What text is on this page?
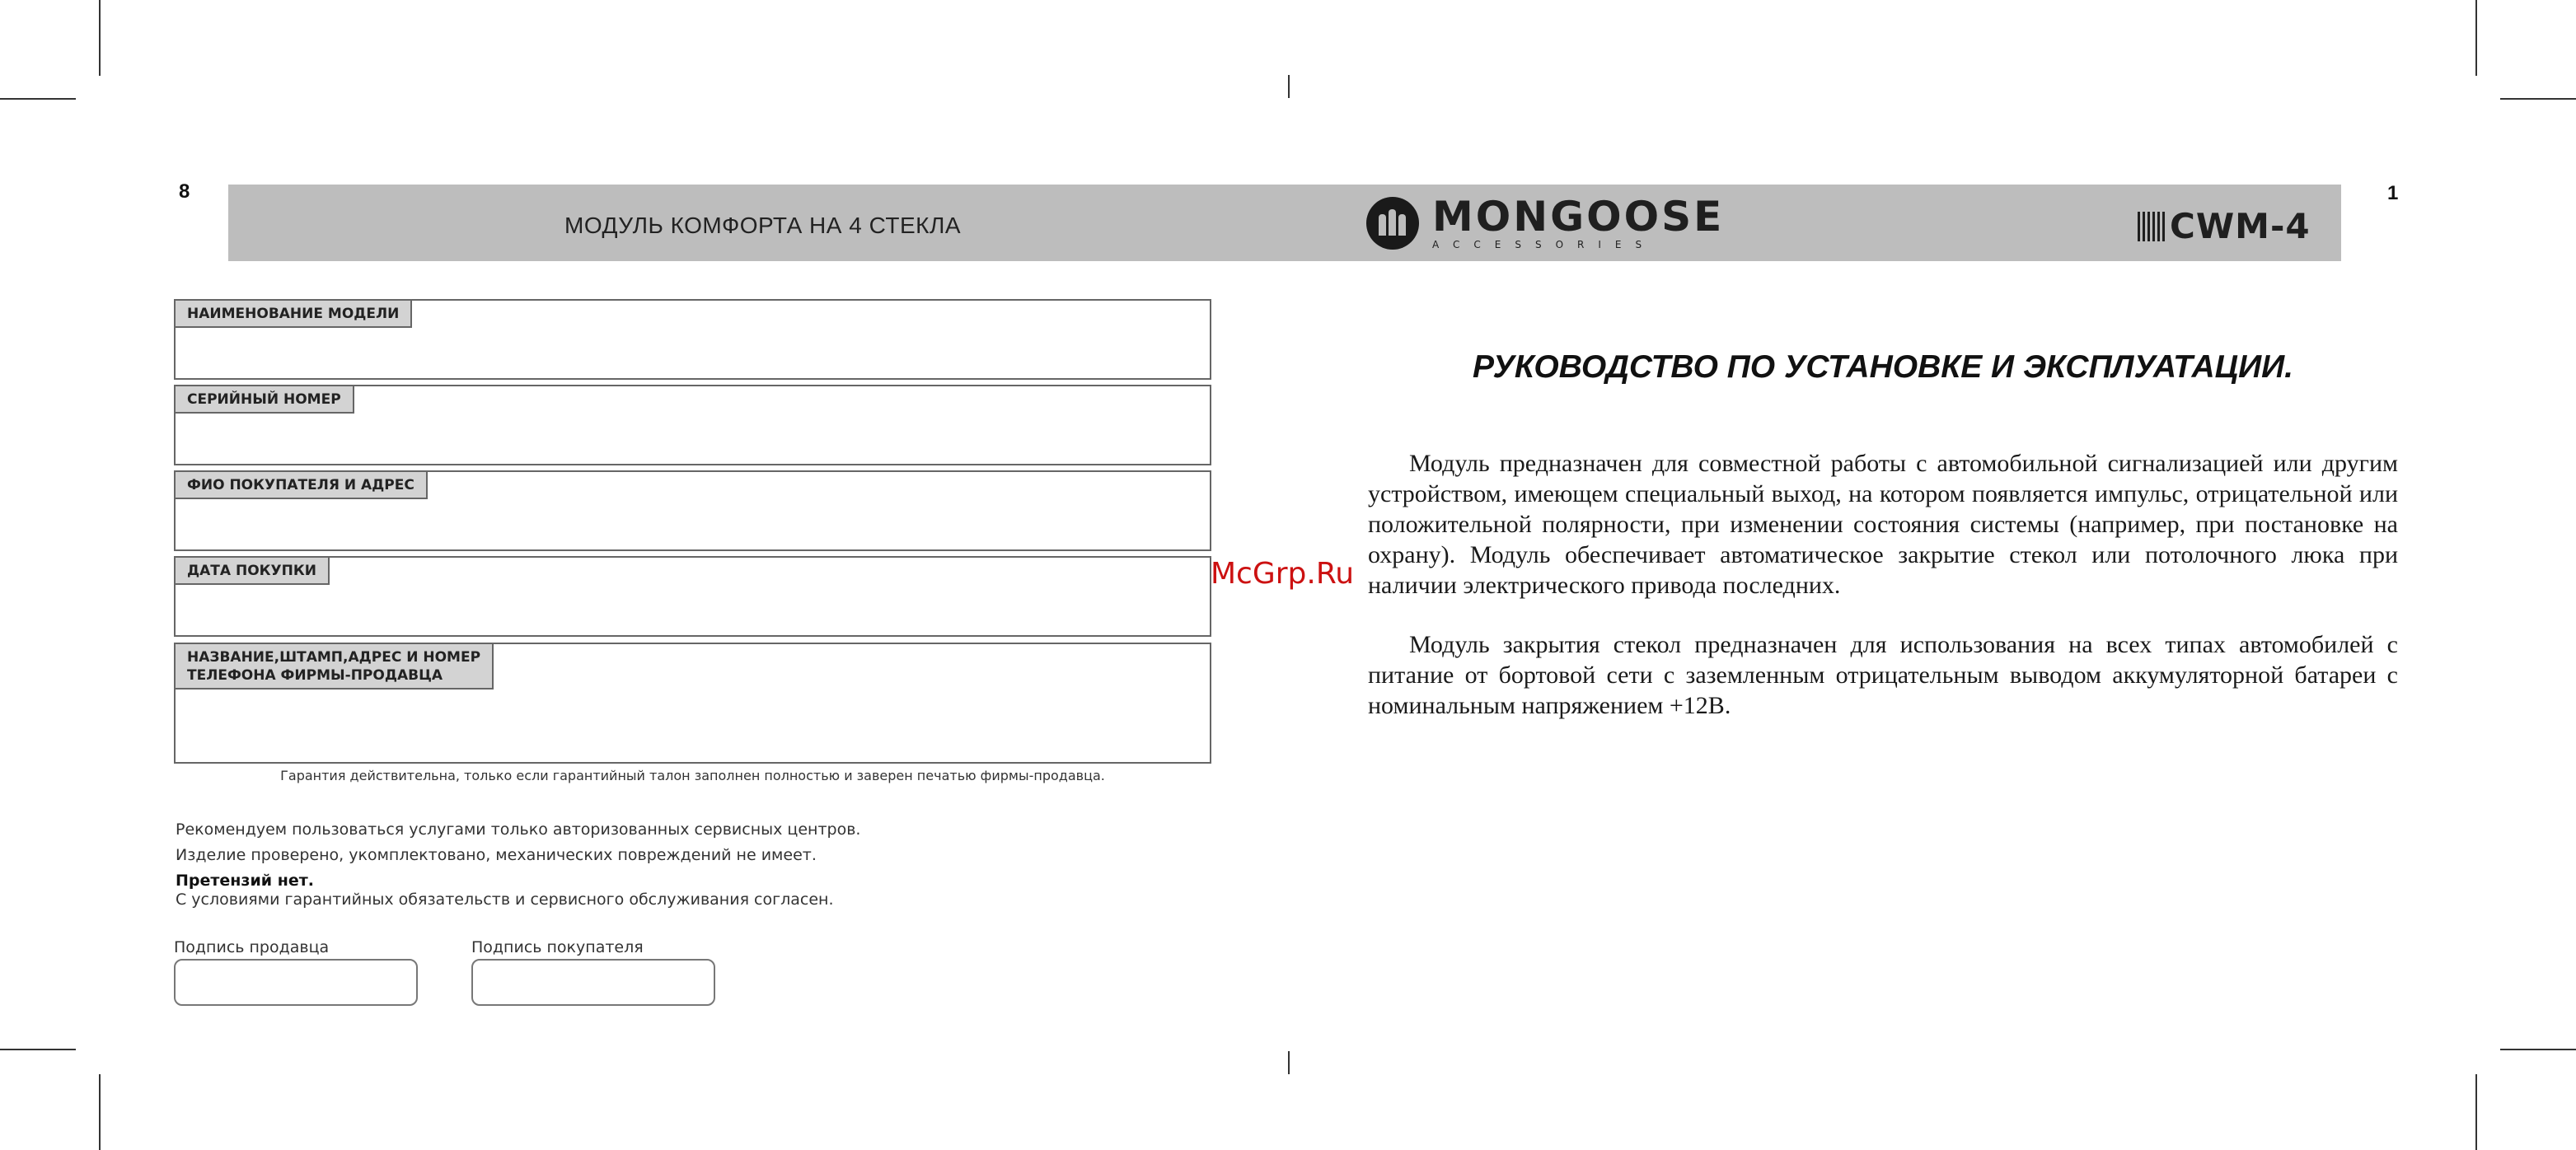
8	1
МОДУЛЬ КОМФОРТА НА 4 СТЕКЛА	MONGOOSE
ACCESSORIES	CWM-4
НАИМЕНОВАНИЕ МОДЕЛИ
СЕРИЙНЫЙ НОМЕР
ФИО ПОКУПАТЕЛЯ И АДРЕС
ДАТА ПОКУПКИ
НАЗВАНИЕ,ШТАМП,АДРЕС И НОМЕР
ТЕЛЕФОНА ФИРМЫ-ПРОДАВЦА
Гарантия действительна, только если гарантийный талон заполнен полностью и заверен печатью фирмы-продавца.
Рекомендуем пользоваться услугами только авторизованных сервисных центров.
Изделие проверено, укомплектовано, механических повреждений не имеет.
Претензий нет.
С условиями гарантийных обязательств и сервисного обслуживания согласен.
Подпись продавца	Подпись покупателя
РУКОВОДСТВО ПО УСТАНОВКЕ И ЭКСПЛУАТАЦИИ.
Модуль предназначен для совместной работы с автомобильной сигнализацией или другим устройством, имеющем специальный выход, на котором появляется импульс, отрицательной или положительной полярности, при изменении состояния системы (например, при постановке на охрану). Модуль обеспечивает автоматическое закрытие стекол или потолочного люка при наличии электрического привода последних.
Модуль закрытия стекол предназначен для использования на всех типах автомобилей с питание от бортовой сети с заземленным отрицательным выводом аккумуляторной батареи с номинальным напряжением +12В.
McGrp.Ru
